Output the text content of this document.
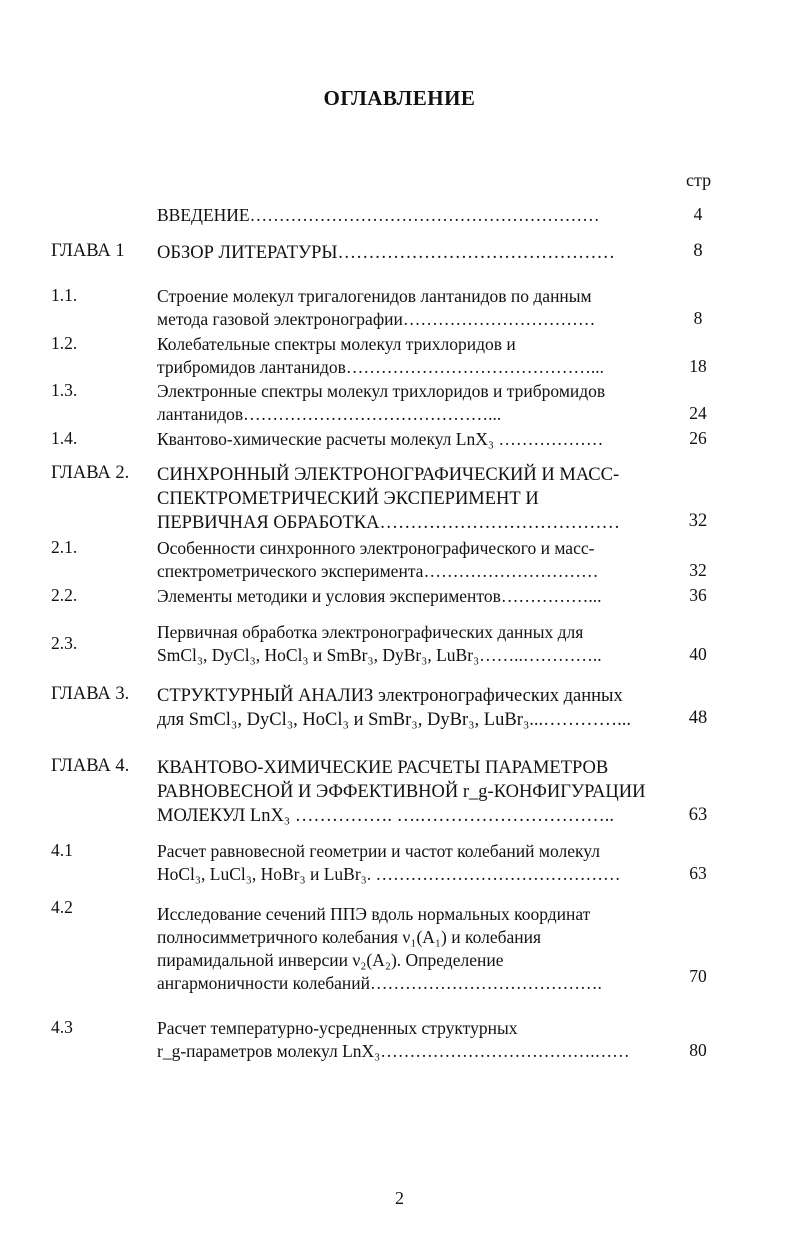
ОГЛАВЛЕНИЕ
стр
ВВЕДЕНИЕ……………………………………………………	4
ГЛАВА 1 ОБЗОР ЛИТЕРАТУРЫ………………………………………	8
1.1.	Строение молекул тригалогенидов лантанидов по данным
метода газовой электронографии……………………………	8
1.2.	Колебательные спектры молекул трихлоридов и
трибромидов лантанидов……………………………………...	18
1.3.	Электронные спектры молекул трихлоридов и трибромидов
лантанидов……………………………………...	24
1.4.	Квантово-химические расчеты молекул LnX₃ ………………	26
ГЛАВА 2. СИНХРОННЫЙ ЭЛЕКТРОНОГРАФИЧЕСКИЙ И МАСС-
СПЕКТРОМЕТРИЧЕСКИЙ ЭКСПЕРИМЕНТ И
ПЕРВИЧНАЯ ОБРАБОТКА…………………………………	32
2.1.	Особенности синхронного электронографического и масс-
спектрометрического эксперимента…………………………	32
2.2.	Элементы методики и условия экспериментов……………...	36
2.3.
Первичная обработка электронографических данных для
SmCl₃, DyCl₃, HoCl₃ и SmBr₃, DyBr₃, LuBr₃……..…………..	40
ГЛАВА 3. СТРУКТУРНЫЙ АНАЛИЗ электронографических данных
для SmCl₃, DyCl₃, HoCl₃ и SmBr₃, DyBr₃, LuBr₃...…………...	48
ГЛАВА 4. КВАНТОВО-ХИМИЧЕСКИЕ РАСЧЕТЫ ПАРАМЕТРОВ
РАВНОВЕСНОЙ И ЭФФЕКТИВНОЙ r_g-КОНФИГУРАЦИИ
МОЛЕКУЛ LnX₃ ……………. ….…………………………..	63
4.1	Расчет равновесной геометрии и частот колебаний молекул
HoCl₃, LuCl₃, HoBr₃ и LuBr₃. ……………………………………	63
4.2	Исследование сечений ППЭ вдоль нормальных координат
полносимметричного колебания ν₁(A₁) и колебания
пирамидальной инверсии ν₂(A₂). Определение
ангармоничности колебаний………………………………….	70
4.3	Расчет температурно-усредненных структурных
r_g-параметров молекул LnX₃……………………………….……	80
2
